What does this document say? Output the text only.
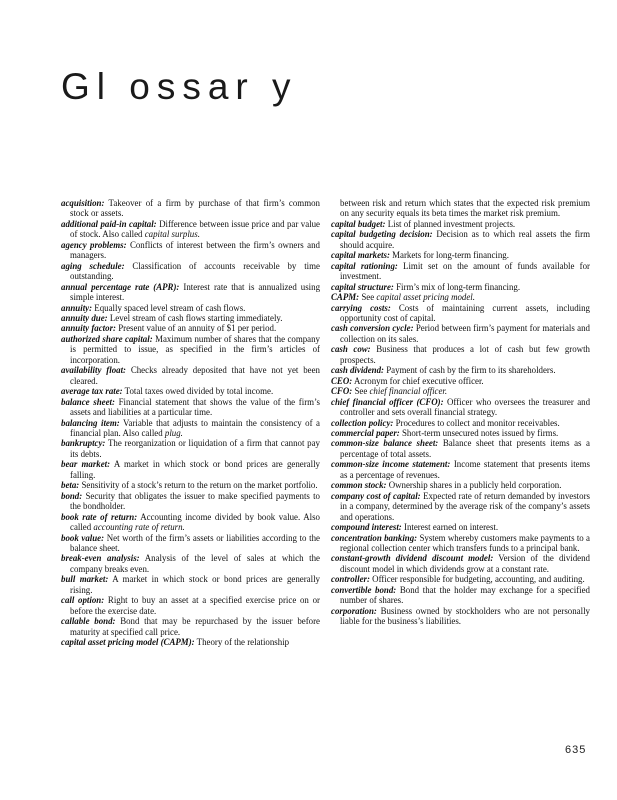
Gl ossar y

acquisition: Takeover of a firm by purchase of that firm’s common stock or assets.

additional paid-in capital: Difference between issue price and par value of stock. Also called capital surplus.

agency problems: Conflicts of interest between the firm’s owners and managers.

aging schedule: Classification of accounts receivable by time outstanding.

annual percentage rate (APR): Interest rate that is annualized using simple interest.

annuity: Equally spaced level stream of cash flows.

annuity due: Level stream of cash flows starting immediately.

annuity factor: Present value of an annuity of $1 per period.

authorized share capital: Maximum number of shares that the company is permitted to issue, as specified in the firm’s articles of incorporation.

availability float: Checks already deposited that have not yet been cleared.

average tax rate: Total taxes owed divided by total income.

balance sheet: Financial statement that shows the value of the firm’s assets and liabilities at a particular time.

balancing item: Variable that adjusts to maintain the consistency of a financial plan. Also called plug.

bankruptcy: The reorganization or liquidation of a firm that cannot pay its debts.

bear market: A market in which stock or bond prices are generally falling.

beta: Sensitivity of a stock’s return to the return on the market portfolio.

bond: Security that obligates the issuer to make specified payments to the bondholder.

book rate of return: Accounting income divided by book value. Also called accounting rate of return.

book value: Net worth of the firm’s assets or liabilities according to the balance sheet.

break-even analysis: Analysis of the level of sales at which the company breaks even.

bull market: A market in which stock or bond prices are generally rising.

call option: Right to buy an asset at a specified exercise price on or before the exercise date.

callable bond: Bond that may be repurchased by the issuer before maturity at specified call price.

capital asset pricing model (CAPM): Theory of the relationship

between risk and return which states that the expected risk premium on any security equals its beta times the market risk premium.

capital budget: List of planned investment projects.

capital budgeting decision: Decision as to which real assets the firm should acquire.

capital markets: Markets for long-term financing.

capital rationing: Limit set on the amount of funds available for investment.

capital structure: Firm’s mix of long-term financing.

CAPM: See capital asset pricing model.

carrying costs: Costs of maintaining current assets, including opportunity cost of capital.

cash conversion cycle: Period between firm’s payment for materials and collection on its sales.

cash cow: Business that produces a lot of cash but few growth prospects.

cash dividend: Payment of cash by the firm to its shareholders.

CEO: Acronym for chief executive officer.

CFO: See chief financial officer.

chief financial officer (CFO): Officer who oversees the treasurer and controller and sets overall financial strategy.

collection policy: Procedures to collect and monitor receivables.

commercial paper: Short-term unsecured notes issued by firms.

common-size balance sheet: Balance sheet that presents items as a percentage of total assets.

common-size income statement: Income statement that presents items as a percentage of revenues.

common stock: Ownership shares in a publicly held corporation.

company cost of capital: Expected rate of return demanded by investors in a company, determined by the average risk of the company’s assets and operations.

compound interest: Interest earned on interest.

concentration banking: System whereby customers make payments to a regional collection center which transfers funds to a principal bank.

constant-growth dividend discount model: Version of the dividend discount model in which dividends grow at a constant rate.

controller: Officer responsible for budgeting, accounting, and auditing.

convertible bond: Bond that the holder may exchange for a specified number of shares.

corporation: Business owned by stockholders who are not personally liable for the business’s liabilities.

635
